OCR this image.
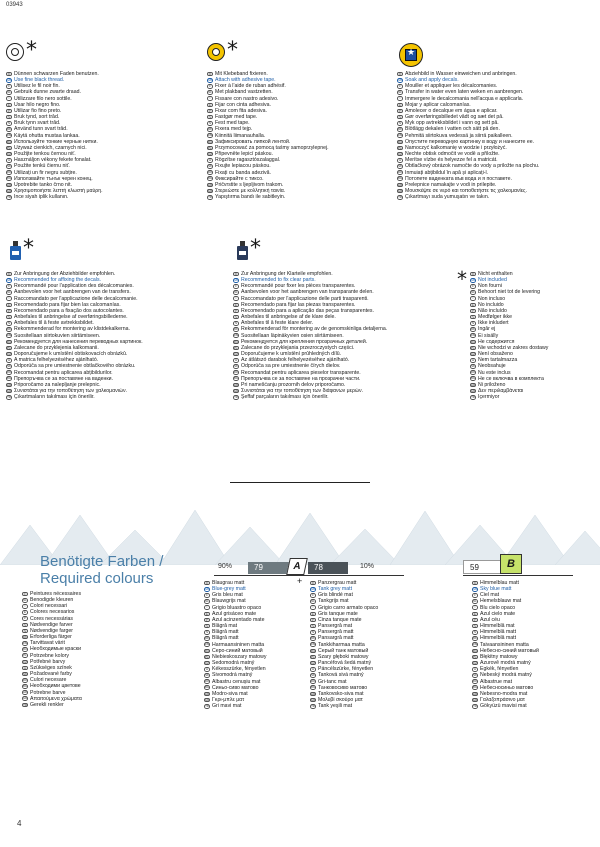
03943
*
D Dünnen schwarzen Faden benutzen.
GB Use fine black thread.
F Utilisez le fil noir fin.
NL Gebruik dunne zwarte draad.
I Utilizzare filo nero sottile.
E Usar hilo negro fino.
P Utilizar fio fino preto.
S Bruk tynd, sort tråd.
N Bruk tynn svart tråd.
DK Använd tunn svart tråd.
FIN Käytä ohutta mustaa lankaa.
RU Используйте тонкие черные нитки.
PL Używaż cienkich, czarnych nici.
CZ Použijte tenkou černou niť.
H Használjon vékony fekete fonalat.
SK Použite tenkú čiernu niť.
RO Utilizați un fir negru subțire.
BG Използвайте тънък черен конец.
HR Upotrebite tanko črno nit.
GR Χρησιμοποιήστε λεπτή κλωστή μαύρη.
TR İnce siyah iplik kullanın.
*
D Mit Klebeband fixieren.
GB Attach with adhesive tape.
F Fixer à l'aide de ruban adhésif.
NL Met plakband vastzetten.
I Fissare con nastro adesivo.
E Fijar con cinta adhesiva.
P Fixar com fita adesiva.
S Fastgør med tape.
N Fest med tape.
DK Fixera med tejp.
FIN Kiinnitä liimanauhalla.
RU Зафиксировать липкой лентой.
PL Przymocować za pomocą taśmy samoprzylepnej.
CZ Připevněte lepicí páskou.
H Rögzítse ragasztószalaggal.
SK Fixujte lepiacou páskou.
RO Fixați cu banda adezivă.
BG Фиксирайте с тиксо.
HR Pričvrstite s ljepljivom trakom.
GR Στερεώστε με κολλητική ταινία.
TR Yapıştırma bandı ile sabitleyin.
★
D Abziehbild in Wasser einweichen und anbringen.
GB Soak and apply decals.
F Mouiller et appliquer les décalcomanies.
NL Transfer in water even laten weken en aanbrengen.
I Immergere le decalcomania nell'acqua e applicarla.
E Mojar y aplicar calcomanías.
P Amolecer o decalque em água e aplicar.
S Gør overføringsbilledet vådt og sæt det på.
N Myk opp avtrekksbildet i vann og sett på.
DK Blötlägg dekalen i vatten och sätt på den.
FIN Pehmitä siirtokuva vedessä ja siirrä paikalleen.
RU Опустите переводную картинку в воду и нанесите ее.
PL Namoczyć kalkomanię w wodzie i przyłożyć.
CZ Nechte obtisk odmočit ve vodě a přiložte.
H Merítse vízbe és helyezze fel a matricát.
SK Obtlačkový obrázok namočte do vody a priložte na plochu.
RO Înmuiați abțibildul în apă și aplicați-l.
BG Потопете ваденката във вода и я поставете.
HR Prelepnice namakajte v vodi in prilepite.
GR Μουσκέψτε σε νερό και τοποθετήστε τις χαλκομανίες.
TR Çıkartmayı suda yumuşatın ve takın.
*
D Zur Anbringung der Abziehbilder empfohlen.
GB Recommended for affixing the decals.
F Recommandé pour l'application des décalcomanies.
NL Aanbevolen voor het aanbrengen van de transfers.
I Raccomandato per l'applicazione delle decalcomanie.
E Recomendado para fijar bien las calcomanías.
P Recomendado para a fixação dos autocolantes.
S Anbefales til anbringelse af overføringsbillederne.
N Anbefales til å feste avtrekksbildet.
DK Rekommenderad for montering av klistdekalkerna.
FIN Suositellaan siirtokuvien siirtämiseen.
RU Рекомендуется для нанесения переводных картинок.
PL Zalecane do przyklejenia kalkomanii.
CZ Doporučujeme k umístění obtiskovacích obrázků.
H A matrica felhelyezéséhez ajánlható.
SK Odporúča sa pre umiestnenie obtlačkového obrázku.
RO Recomandat pentru aplicarea abțibildurilor.
BG Препоръчва се за поставяне на ваденки.
HR Priporočamo za nalepljanje prelepnic.
GR Συνιστάται για την τοποθέτηση των χαλκομανιών.
TR Çıkartmaların takılması için önerilir.
*
D Zur Anbringung der Klarteile empfohlen.
GB Recommended to fix clear parts.
F Recommandé pour fixer les pièces transparentes.
NL Aanbevolen voor het aanbrengen van transparante delen.
I Raccomandato per l'applicazione delle parti trasparenti.
E Recomendado para fijar las piezas transparentes.
P Recomendado para a aplicação das peças transparentes.
S Anbefales til anbringelse af de klare dele.
N Anbefales til å feste klare deler.
DK Rekommenderad för montering av de genomskinliga detaljerna.
FIN Suositellaan läpinäkyvien osien siirtämiseen.
RU Рекомендуется для крепления прозрачных деталей.
PL Zalecane do przyklejania przezroczystych części.
CZ Doporučujeme k umístění průhledných dílů.
H Az átlátszó darabok felhelyezéséhez ajánlható.
SK Odporúča sa pre umiestnenie čírych dielov.
RO Recomandat pentru aplicarea pieselor transparente.
BG Препоръчва се за поставяне на прозрачни части.
HR Pri namešćanju prozornih delov priporočamo.
GR Συνιστάται για την τοποθέτηση των διάφανων μερών.
TR Şeffaf parçaların takılması için önerilir.
*	D Nicht enthalten
GB Not included
F Non fourni
NL Behoort niet tot de levering
I Non incluso
E No incluido
P Não incluído
S Medfølger ikke
N Ikke inkludert
DK Ingår ej
FIN Ei sisälly
RU Не содержится
PL Nie wchodzi w zakres dostawy
CZ Není obsaženo
H Nem tartalmazza
SK Neobsahuje
RO Nu este inclus
BG Не се включва в комплекта
HR Ni priloženo
GR Δεν περιλαμβάνεται
TR İçermiyor
Benötigte Farben /
Required colours
F Peintures nécessaires
NL Benodigde kleuren
I Colori necessari
E Colores necesarios
P Cores necessárias
S Nødvendige farver
N Nødvendige farger
DK Erforderliga färger
FIN Tarvittavat värit
RU Необходимые краски
PL Potrzebne kolory
CZ Potřebné barvy
H Szükséges színek
SK Požadované farby
RO Culori necesare
BG Необходими цветове
HR Potrebne barve
GR Απαιτούμενα χρώματα
TR Gerekli renkler
90%	79	A	78	10%
+
D Blaugrau matt
GB Blue-grey matt
F Gris bleu mat
NL Blauwgrijs mat
I Grigio bluastro opaco
E Azul grisáceo mate
P Azul acinzentado mate
S Blågrå mat
N Blågrå matt
DK Blågrå matt
FIN Harmaansininen matta
RU Серо-синий матовый
PL Niebieskoszary matowy
CZ Šedomodrá matný
H Kékesszürke, fényetlen
SK Sivomodrá matný
RO Albastru cenușiu mat
BG Синьо-сиво матово
HR Modro-siva mat
GR Γκρι-μπλε ματ
TR Gri mavi mat
D Panzergrau matt
GB Tank grey matt
F Gris blindé mat
NL Tankgrijs mat
I Grigio carro armato opaco
E Gris tanque mate
P Cinza tanque mate
S Pansergrå mat
N Pansergrå matt
DK Pansargrå matt
FIN Tankkiharmaa matta
RU Серый танк матовый
PL Szary głęboki matowy
CZ Pancéřová šedá matný
H Páncélszürke, fényetlen
SK Tanková sivá matný
RO Gri-tanc mat
BG Танковосиво матово
HR Tankovsko-siva mat
GR Μολυβί σκούρο ματ
TR Tank yeşili mat
59	B
D Himmelblau matt
GB Sky blue matt
F Ciel mat
NL Hemelsblauw mat
I Blu cielo opaco
E Azul cielo mate
P Azul céu
S Himmelblå mat
N Himmelblå matt
DK Himmelblå matt
FIN Taivaansininen matta
RU Небесно-синий матовый
PL Błękitny matowy
CZ Azurově modrá matný
H Égkék, fényetlen
SK Nebeský modrá matný
RO Albastrue mat
BG Небесносиньо матово
HR Nebesno-modra mat
GR Γαλαζοπράσινο ματ
TR Gökyüzü mavisi mat
4
